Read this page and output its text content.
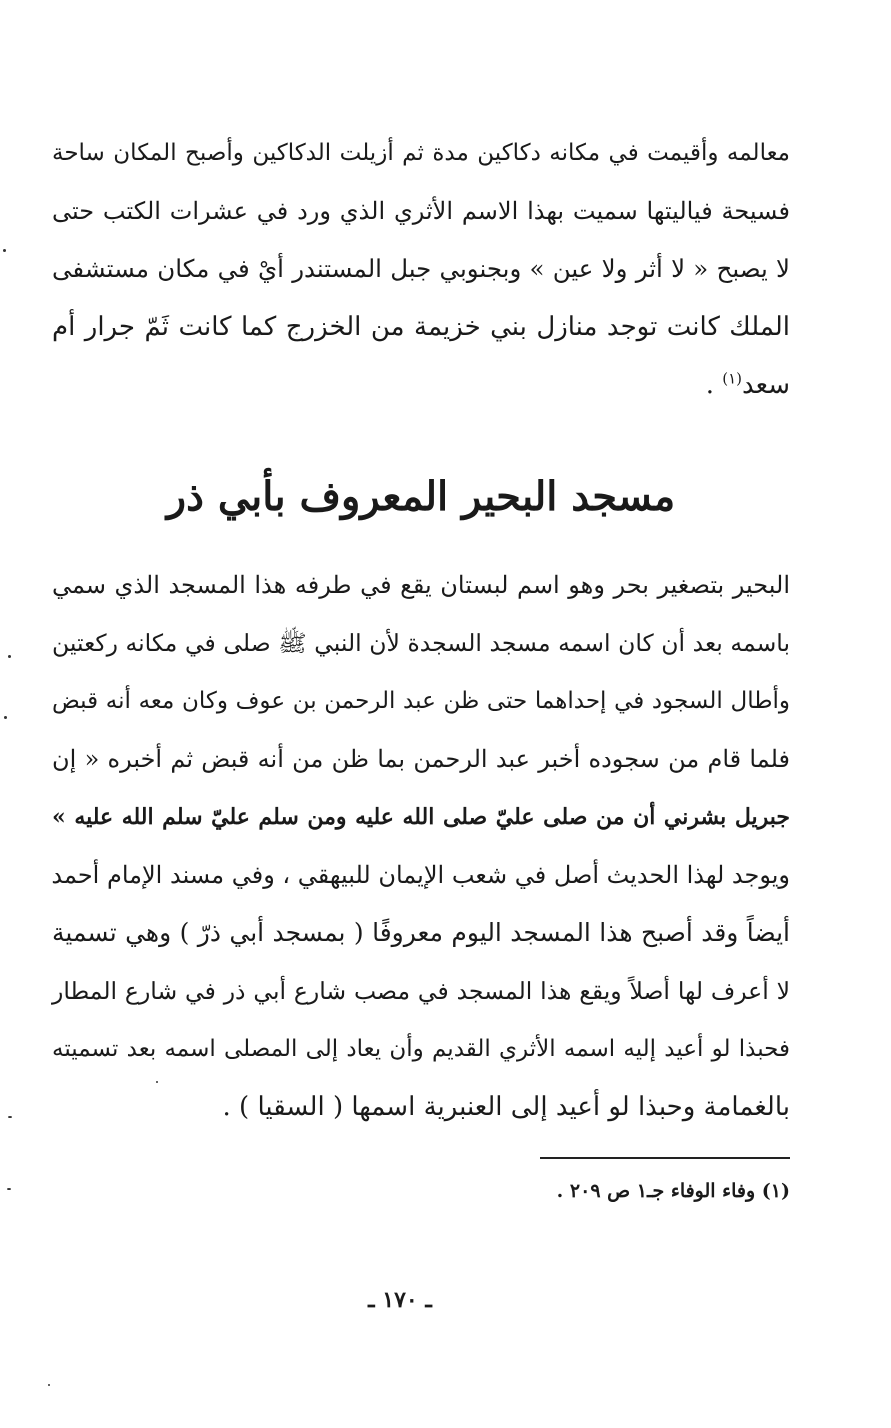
معالمه وأقيمت في مكانه دكاكين مدة ثم أزيلت الدكاكين وأصبح المكان ساحة

فسيحة فياليتها سميت بهذا الاسم الأثري الذي ورد في عشرات الكتب حتى

لا يصبح « لا أثر ولا عين » وبجنوبي جبل المستندر أيْ في مكان مستشفى

الملك كانت توجد منازل بني خزيمة من الخزرج كما كانت ثَمّ جرار أم

سعد$^{(١)}$ .

مسجد البحير المعروف بأبي ذر

البحير بتصغير بحر وهو اسم لبستان يقع في طرفه هذا المسجد الذي سمي

باسمه بعد أن كان اسمه مسجد السجدة لأن النبي ﷺ صلى في مكانه ركعتين

وأطال السجود في إحداهما حتى ظن عبد الرحمن بن عوف وكان معه أنه قبض

فلما قام من سجوده أخبر عبد الرحمن بما ظن من أنه قبض ثم أخبره « إن

جبريل بشرني أن من صلى عليّ صلى الله عليه ومن سلم عليّ سلم الله عليه »

ويوجد لهذا الحديث أصل في شعب الإيمان للبيهقي ، وفي مسند الإمام أحمد

أيضاً وقد أصبح هذا المسجد اليوم معروفًا ( بمسجد أبي ذرّ ) وهي تسمية

لا أعرف لها أصلاً ويقع هذا المسجد في مصب شارع أبي ذر في شارع المطار

فحبذا لو أعيد إليه اسمه الأثري القديم وأن يعاد إلى المصلى اسمه بعد تسميته

بالغمامة وحبذا لو أعيد إلى العنبرية اسمها ( السقيا ) .

(١) وفاء الوفاء جـ١ ص ٢٠٩ .
ـ ١٧٠ ـ
